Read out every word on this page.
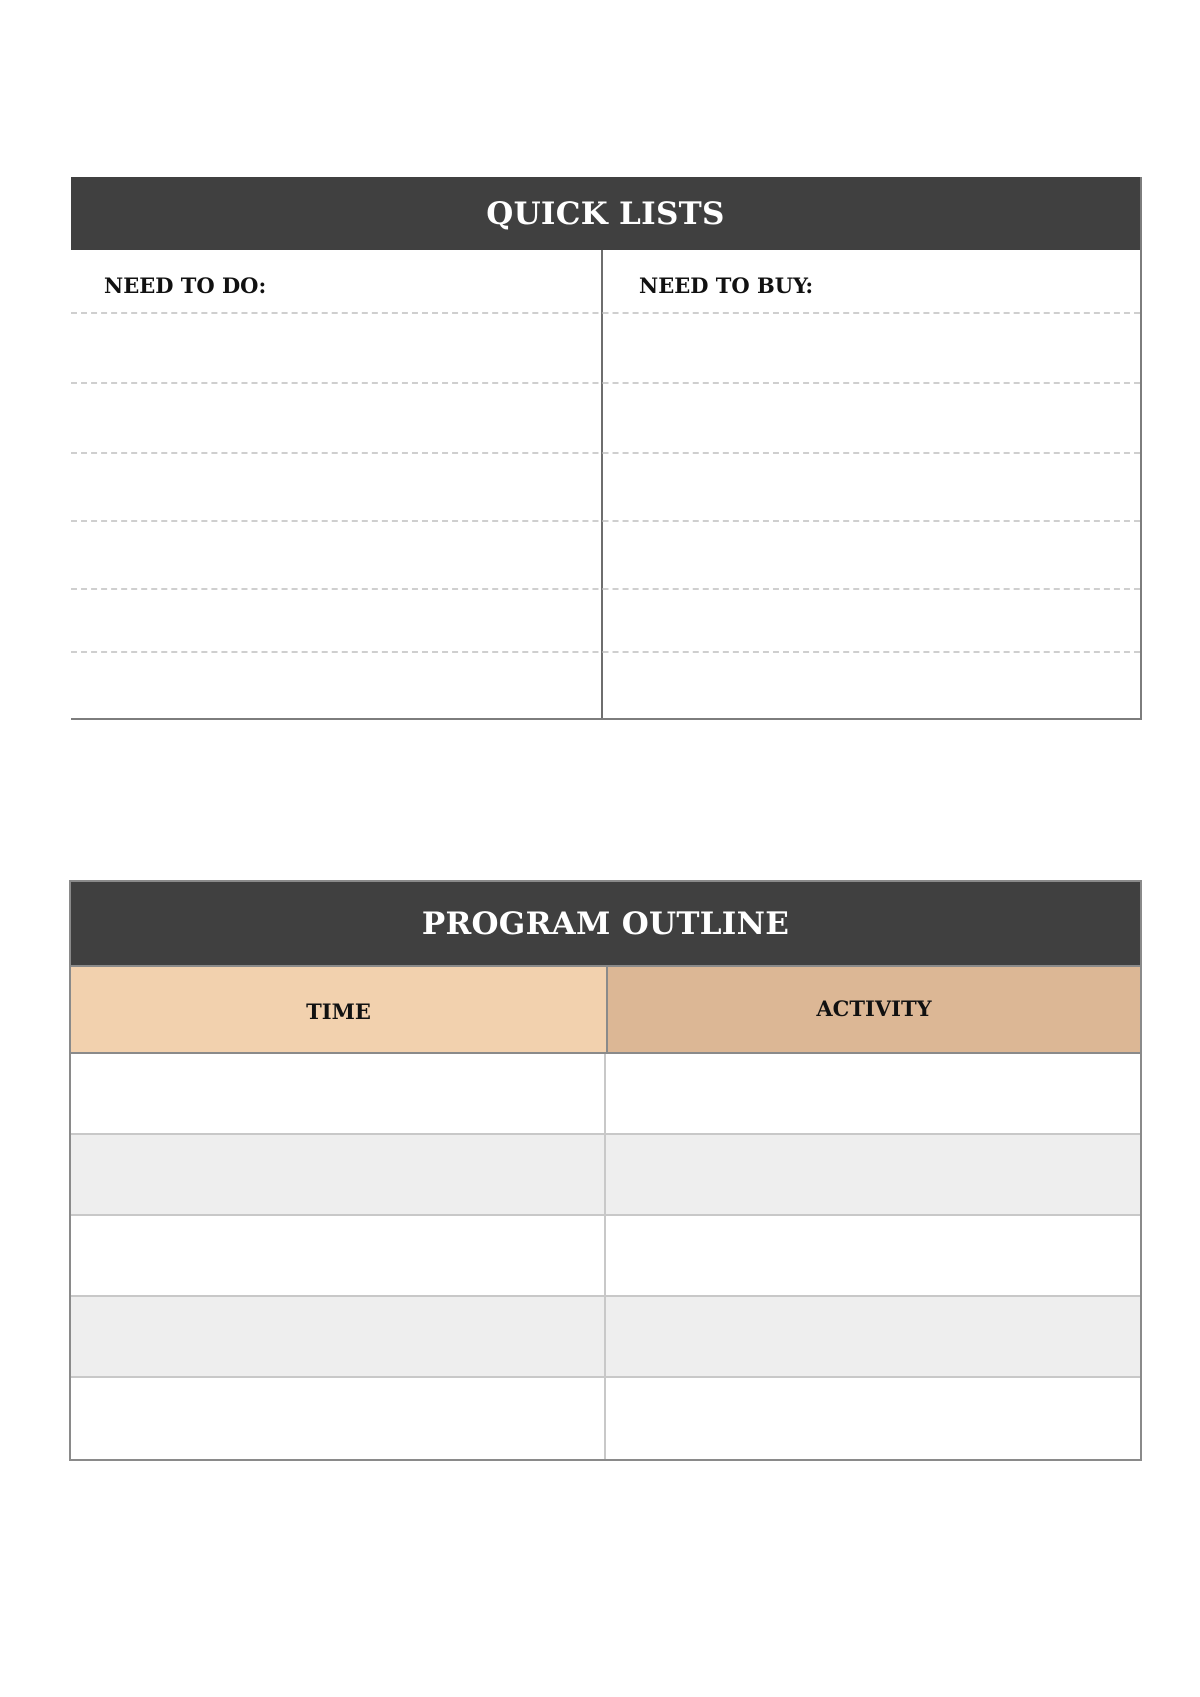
QUICK LISTS
NEED TO DO:	NEED TO BUY:
PROGRAM OUTLINE
TIME	ACTIVITY
